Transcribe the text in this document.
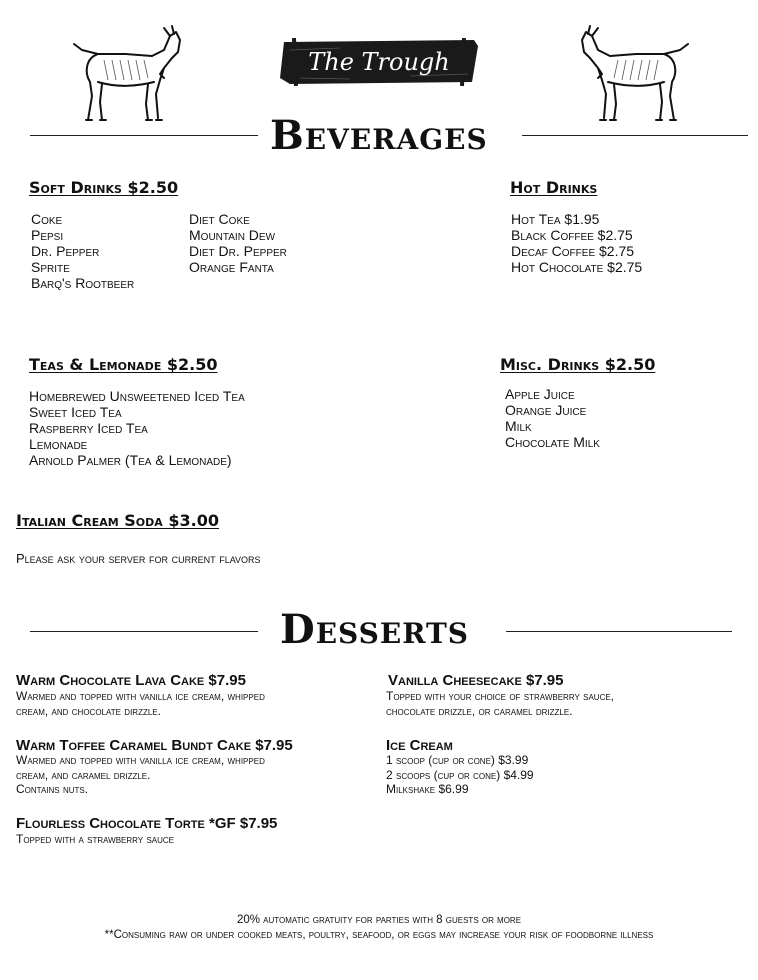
The Trough
Beverages
Soft Drinks $2.50
Coke
Pepsi
Dr. Pepper
Sprite
Barq's Rootbeer
Diet Coke
Mountain Dew
Diet Dr. Pepper
Orange Fanta
Hot Drinks
Hot Tea $1.95
Black Coffee $2.75
Decaf Coffee $2.75
Hot Chocolate $2.75
Teas & Lemonade $2.50
Homebrewed Unsweetened Iced Tea
Sweet Iced Tea
Raspberry Iced Tea
Lemonade
Arnold Palmer (Tea & Lemonade)
Misc. Drinks $2.50
Apple Juice
Orange Juice
Milk
Chocolate Milk
Italian Cream Soda $3.00
Please ask your server for current flavors
Desserts
Warm Chocolate Lava Cake $7.95
Warmed and topped with vanilla ice cream, whipped
cream, and chocolate dirzzle.
Warm Toffee Caramel Bundt Cake $7.95
Warmed and topped with vanilla ice cream, whipped
cream, and caramel drizzle.
Contains nuts.
Flourless Chocolate Torte *GF $7.95
Topped with a strawberry sauce
Vanilla Cheesecake $7.95
Topped with your choice of strawberry sauce,
chocolate drizzle, or caramel drizzle.
Ice Cream
1 scoop (cup or cone) $3.99
2 scoops (cup or cone) $4.99
Milkshake $6.99
20% automatic gratuity for parties with 8 guests or more
**Consuming raw or under cooked meats, poultry, seafood, or eggs may increase your risk of foodborne illness
